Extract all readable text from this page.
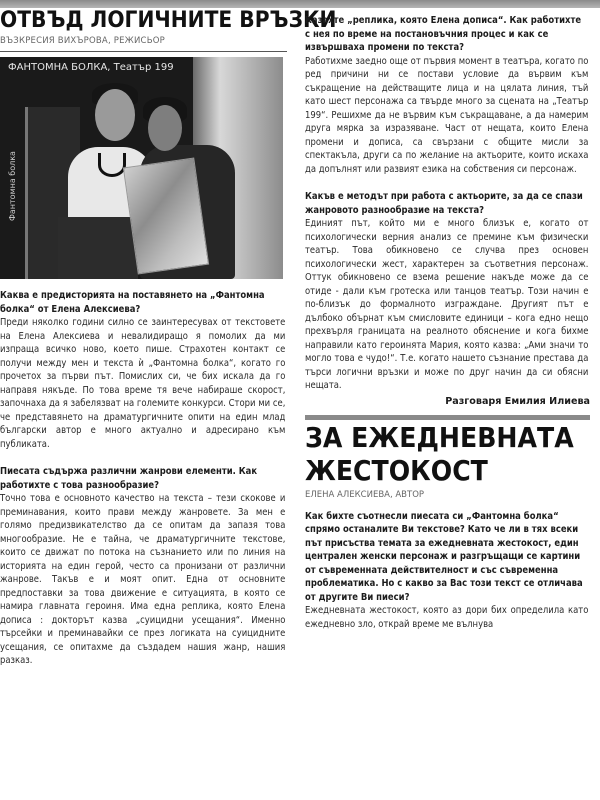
ОТВЪД ЛОГИЧНИТЕ ВРЪЗКИ
ВЪЗКРЕСИЯ ВИХЪРОВА, РЕЖИСЬОР
Фантомна болка
ФАНТОМНА БОЛКА, Театър 199
Каква е предисторията на поставянето на „Фантомна болка“ от Елена Алексиева?
Преди няколко години силно се заинтересувах от текстовете на Елена Алексиева и невалидиращо я помолих да ми изпраща всичко ново, което пише. Страхотен контакт се получи между мен и текста ѝ „Фантомна болка“, когато го прочетох за първи път. Помислих си, че бих искала да го направя някъде. По това време тя вече набираше скорост, започнаха да я забелязват на големите конкурси. Стори ми се, че представянето на драматургичните опити на един млад български автор е много актуално и адресирано към публиката.
Пиесата съдържа различни жанрови елементи. Как работихте с това разнообразие?
Точно това е основното качество на текста – тези скокове и преминавания, които прави между жанровете. За мен е голямо предизвикателство да се опитам да запазя това многообразие. Не е тайна, че драматургичните текстове, които се движат по потока на съзнанието или по линия на историята на един герой, често са пронизани от различни жанрове. Такъв е и моят опит. Една от основните предпоставки за това движение е ситуацията, в която се намира главната героиня. Има една реплика, която Елена дописа : докторът казва „суицидни усещания“. Именно търсейки и преминавайки се през логиката на суицидните усещания, се опитахме да създадем нашия жанр, нашия разказ.
Казахте „реплика, която Елена дописа“. Как работихте с нея по време на постановъчния процес и как се извършваха промени по текста?
Работихме заедно още от първия момент в театъра, когато по ред причини ни се постави условие да вървим към съкращение на действащите лица и на цялата линия, тъй като шест персонажа са твърде много за сцената на „Театър 199“. Решихме да не вървим към съкращаване, а да намерим друга мярка за изразяване. Част от нещата, които Елена промени и дописа, са свързани с общите мисли за спектакъла, други са по желание на актьорите, които искаха да допълнят или развият езика на собствения си персонаж.
Какъв е методът при работа с актьорите, за да се спази жанровото разнообразие на текста?
Единият път, който ми е много близък е, когато от психологически верния анализ се премине към физически театър. Това обикновено се случва през основен психологически жест, характерен за съответния персонаж. Оттук обикновено се взема решение накъде може да се отиде - дали към гротеска или танцов театър. Този начин е по-близък до формалното изграждане. Другият път е дълбоко обърнат към смисловите единици – кога едно нещо прехвърля границата на реалното обяснение и кога бихме направили като героинята Мария, която казва: „Ами значи то могло това е чудо!“. Т.е. когато нашето съзнание престава да търси логични връзки и може по друг начин да си обясни нещата.
Разговаря Емилия Илиева
ЗА ЕЖЕДНЕВНАТА
ЖЕСТОКОСТ
ЕЛЕНА АЛЕКСИЕВА, АВТОР
Как бихте съотнесли пиесата си „Фантомна болка“ спрямо останалите Ви текстове? Като че ли в тях всеки път присъства темата за ежедневната жестокост, един централен женски персонаж и разгръщащи се картини от съвременната действителност и със съвременна проблематика. Но с какво за Вас този текст се отличава от другите Ви пиеси?
Ежедневната жестокост, която аз дори бих определила като ежедневно зло, открай време ме вълнува
